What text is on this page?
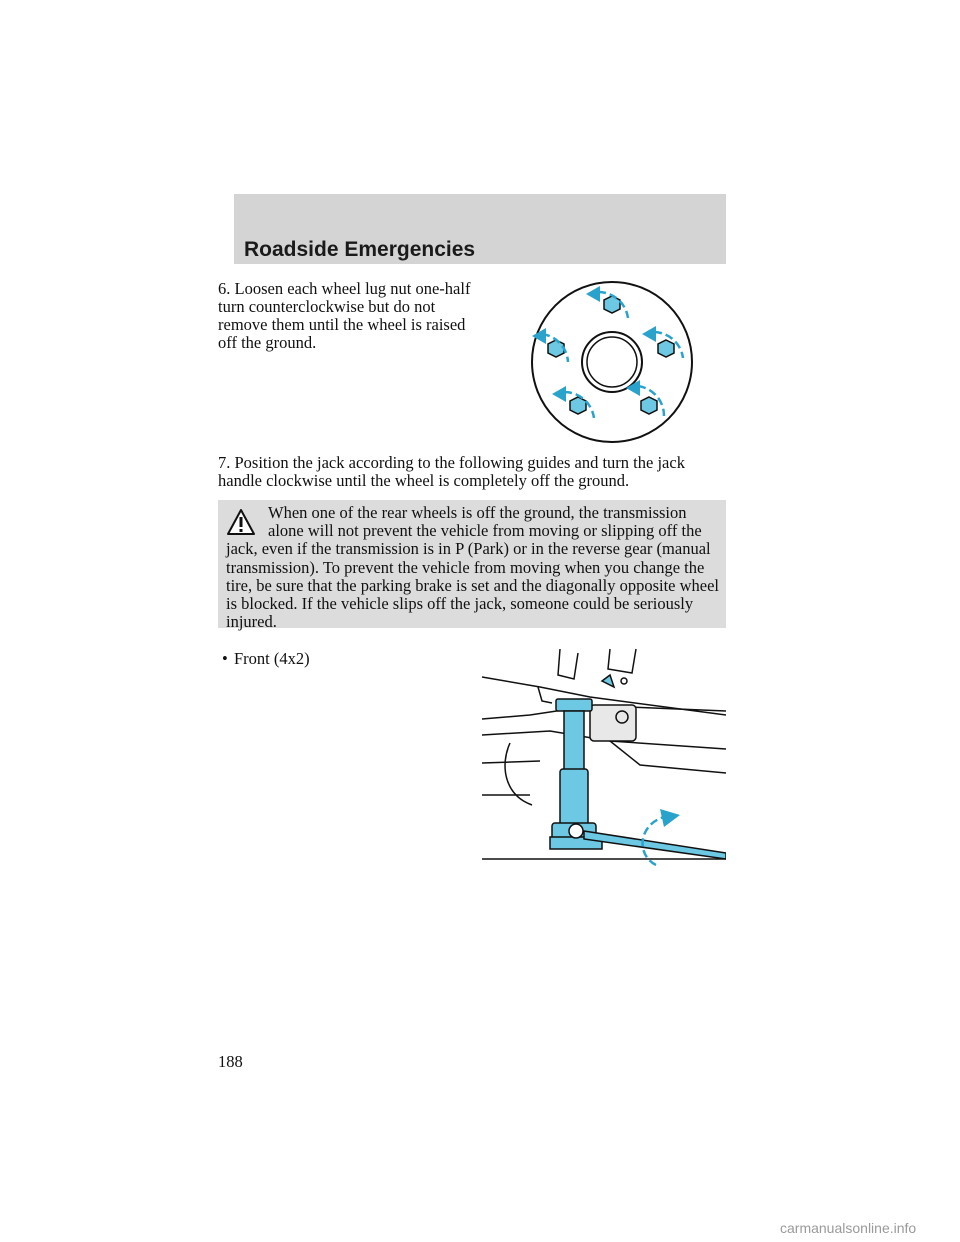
Roadside Emergencies

6. Loosen each wheel lug nut one-half turn counterclockwise but do not remove them until the wheel is raised off the ground.

7. Position the jack according to the following guides and turn the jack handle clockwise until the wheel is completely off the ground.

When one of the rear wheels is off the ground, the transmission alone will not prevent the vehicle from moving or slipping off the jack, even if the transmission is in P (Park) or in the reverse gear (manual transmission). To prevent the vehicle from moving when you change the tire, be sure that the parking brake is set and the diagonally opposite wheel is blocked. If the vehicle slips off the jack, someone could be seriously injured.

• Front (4x2)
188
carmanualsonline.info
